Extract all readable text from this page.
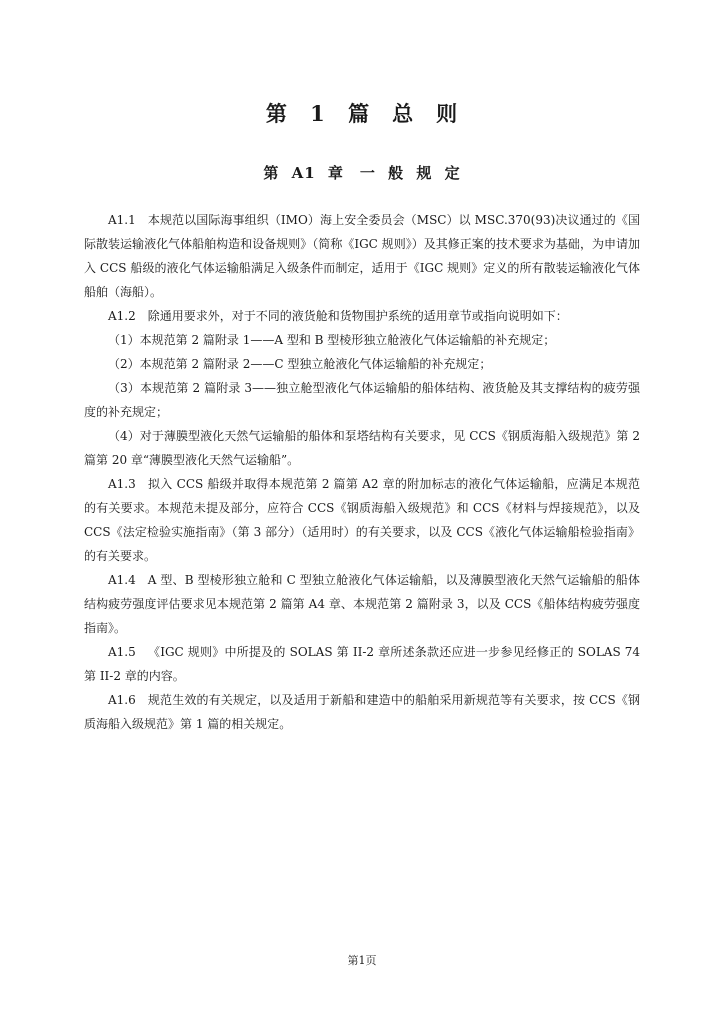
第 1 篇　总　则
第 A1 章　一 般 规 定

A1.1 本规范以国际海事组织（IMO）海上安全委员会（MSC）以 MSC.370(93)决议通过的《国际散装运输液化气体船舶构造和设备规则》（简称《IGC 规则》）及其修正案的技术要求为基础，为申请加入 CCS 船级的液化气体运输船满足入级条件而制定，适用于《IGC 规则》定义的所有散装运输液化气体船舶（海船）。

A1.2 除通用要求外，对于不同的液货舱和货物围护系统的适用章节或指向说明如下：

（1）本规范第 2 篇附录 1——A 型和 B 型棱形独立舱液化气体运输船的补充规定；

（2）本规范第 2 篇附录 2——C 型独立舱液化气体运输船的补充规定；

（3）本规范第 2 篇附录 3——独立舱型液化气体运输船的船体结构、液货舱及其支撑结构的疲劳强度的补充规定；

（4）对于薄膜型液化天然气运输船的船体和泵塔结构有关要求，见 CCS《钢质海船入级规范》第 2 篇第 20 章“薄膜型液化天然气运输船”。

A1.3 拟入 CCS 船级并取得本规范第 2 篇第 A2 章的附加标志的液化气体运输船，应满足本规范的有关要求。本规范未提及部分，应符合 CCS《钢质海船入级规范》和 CCS《材料与焊接规范》，以及 CCS《法定检验实施指南》（第 3 部分）（适用时）的有关要求，以及 CCS《液化气体运输船检验指南》的有关要求。

A1.4 A 型、B 型棱形独立舱和 C 型独立舱液化气体运输船，以及薄膜型液化天然气运输船的船体结构疲劳强度评估要求见本规范第 2 篇第 A4 章、本规范第 2 篇附录 3，以及 CCS《船体结构疲劳强度指南》。

A1.5 《IGC 规则》中所提及的 SOLAS 第 II-2 章所述条款还应进一步参见经修正的 SOLAS 74 第 II-2 章的内容。

A1.6 规范生效的有关规定，以及适用于新船和建造中的船舶采用新规范等有关要求，按 CCS《钢质海船入级规范》第 1 篇的相关规定。

第1页
